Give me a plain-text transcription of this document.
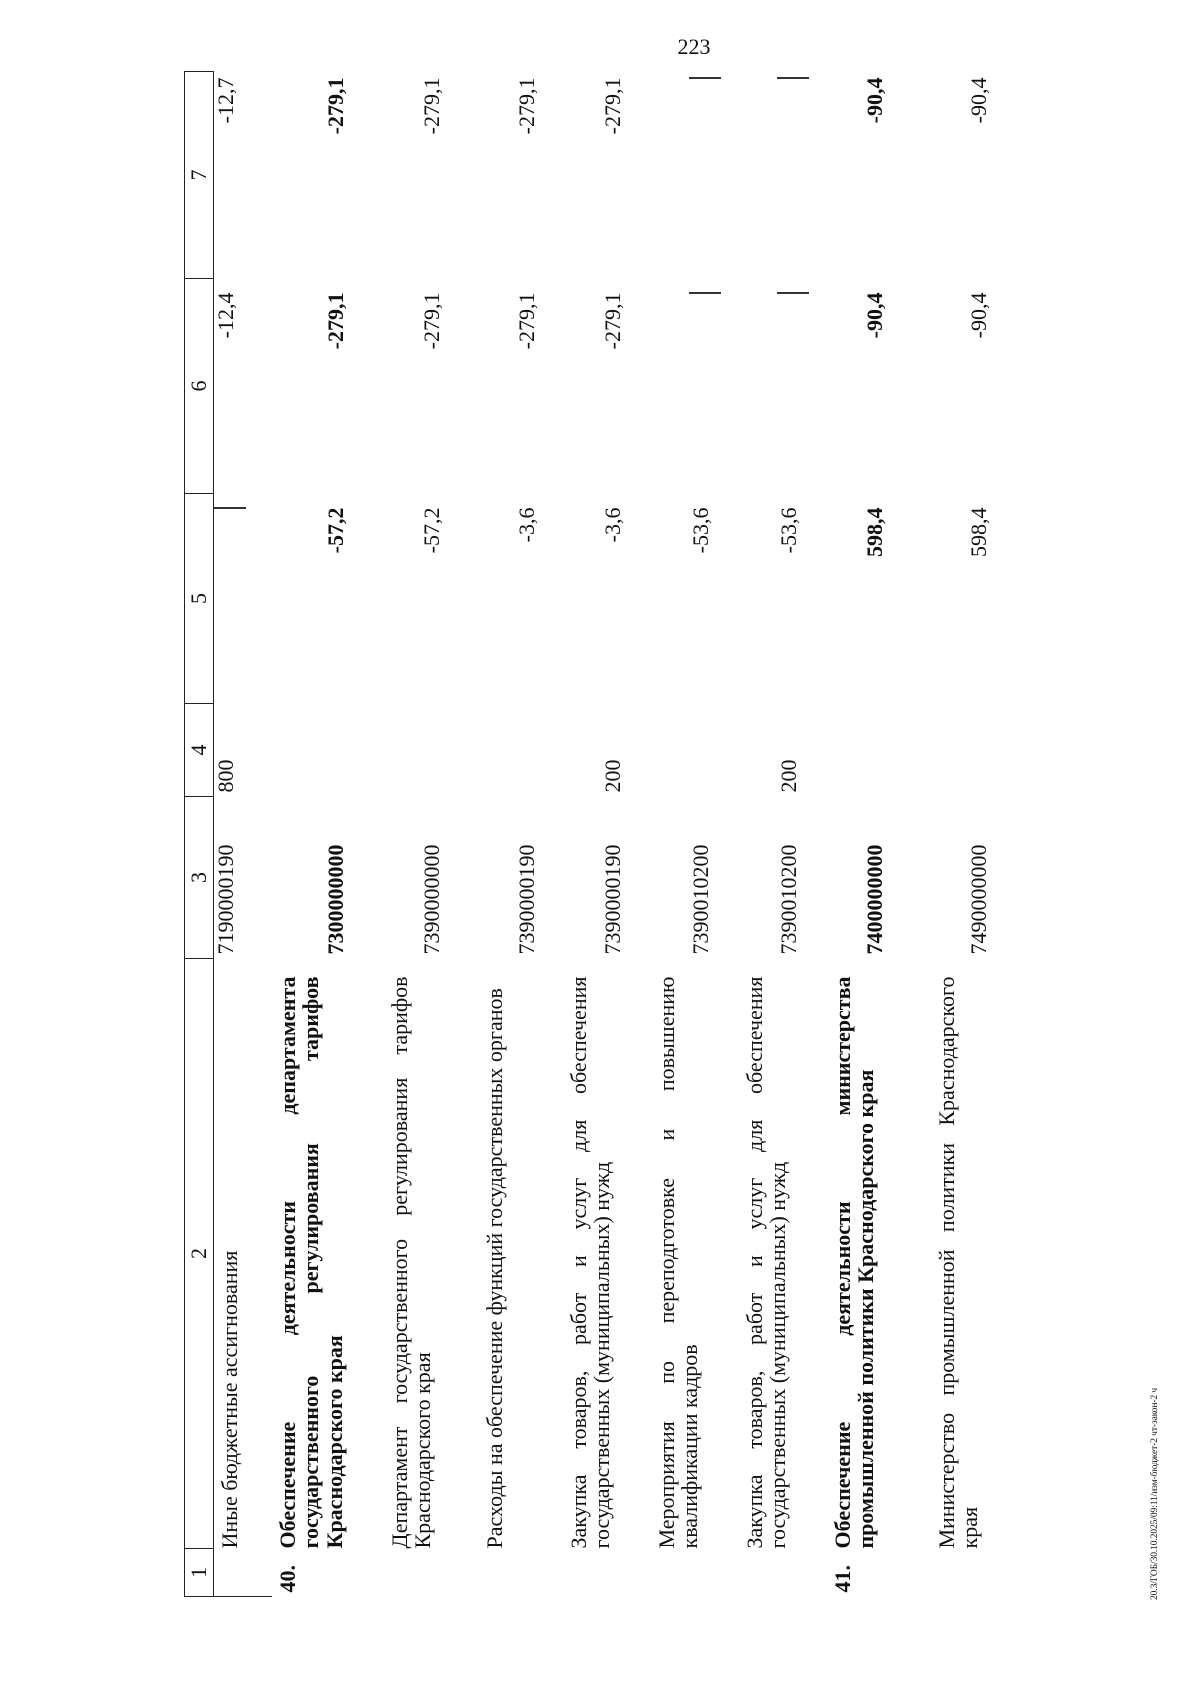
223
20.3/ГОБ/30.10.2025/09:11/изм-бюджет-2 чт-закон-2 ч
1	2	3	4	5	6	7
	Иные бюджетные ассигнования	7190000190	800		-12,4	-12,7
40.	Обеспечение деятельности департамента государственного регулирования тарифов Краснодарского края	7300000000		-57,2	-279,1	-279,1
	Департамент государственного регулирования тарифов Краснодарского края	7390000000		-57,2	-279,1	-279,1
	Расходы на обеспечение функций государственных органов	7390000190		-3,6	-279,1	-279,1
	Закупка товаров, работ и услуг для обеспечения государственных (муниципальных) нужд	7390000190	200	-3,6	-279,1	-279,1
	Мероприятия по переподготовке и повышению квалификации кадров	7390010200		-53,6		
	Закупка товаров, работ и услуг для обеспечения государственных (муниципальных) нужд	7390010200	200	-53,6		
41.	Обеспечение деятельности министерства промышленной политики Краснодарского края	7400000000		598,4	-90,4	-90,4
	Министерство промышленной политики Краснодарского края	7490000000		598,4	-90,4	-90,4
